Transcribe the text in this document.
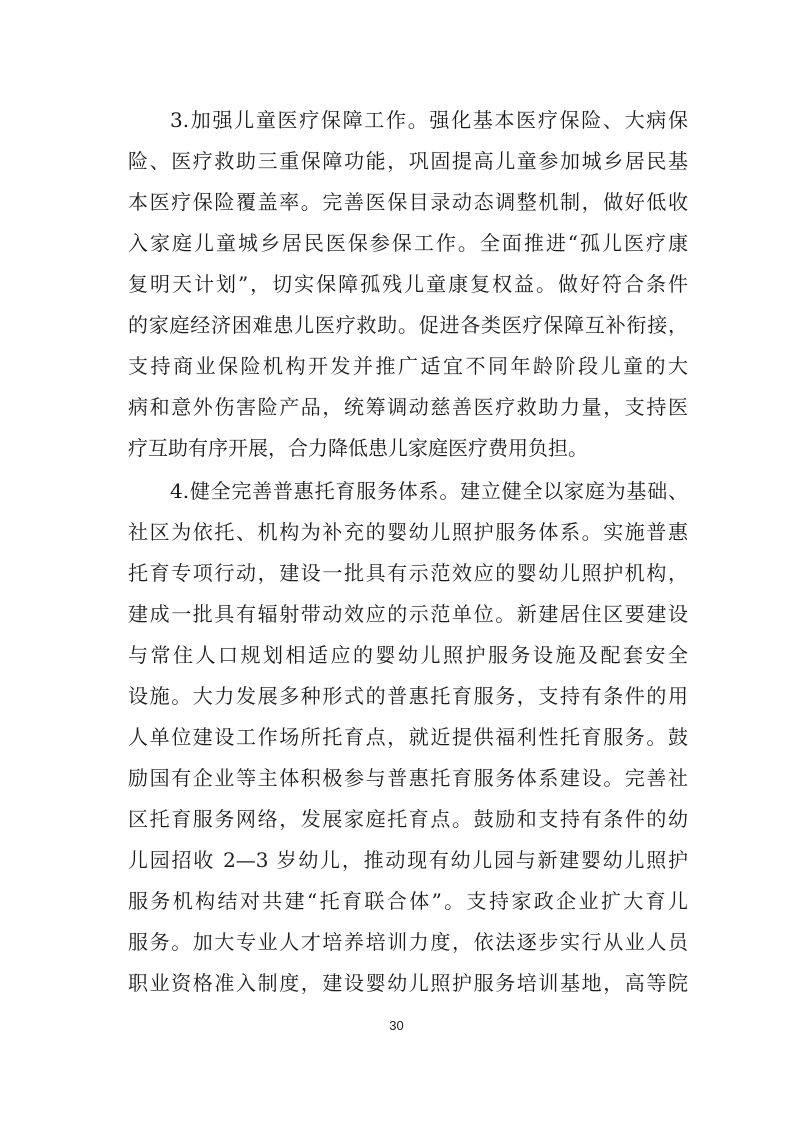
3.加强儿童医疗保障工作。强化基本医疗保险、大病保
险、医疗救助三重保障功能，巩固提高儿童参加城乡居民基
本医疗保险覆盖率。完善医保目录动态调整机制，做好低收
入家庭儿童城乡居民医保参保工作。全面推进“孤儿医疗康
复明天计划”，切实保障孤残儿童康复权益。做好符合条件
的家庭经济困难患儿医疗救助。促进各类医疗保障互补衔接，
支持商业保险机构开发并推广适宜不同年龄阶段儿童的大
病和意外伤害险产品，统筹调动慈善医疗救助力量，支持医
疗互助有序开展，合力降低患儿家庭医疗费用负担。
4.健全完善普惠托育服务体系。建立健全以家庭为基础、
社区为依托、机构为补充的婴幼儿照护服务体系。实施普惠
托育专项行动，建设一批具有示范效应的婴幼儿照护机构，
建成一批具有辐射带动效应的示范单位。新建居住区要建设
与常住人口规划相适应的婴幼儿照护服务设施及配套安全
设施。大力发展多种形式的普惠托育服务，支持有条件的用
人单位建设工作场所托育点，就近提供福利性托育服务。鼓
励国有企业等主体积极参与普惠托育服务体系建设。完善社
区托育服务网络，发展家庭托育点。鼓励和支持有条件的幼
儿园招收 2—3 岁幼儿，推动现有幼儿园与新建婴幼儿照护
服务机构结对共建“托育联合体”。支持家政企业扩大育儿
服务。加大专业人才培养培训力度，依法逐步实行从业人员
职业资格准入制度，建设婴幼儿照护服务培训基地，高等院
30
